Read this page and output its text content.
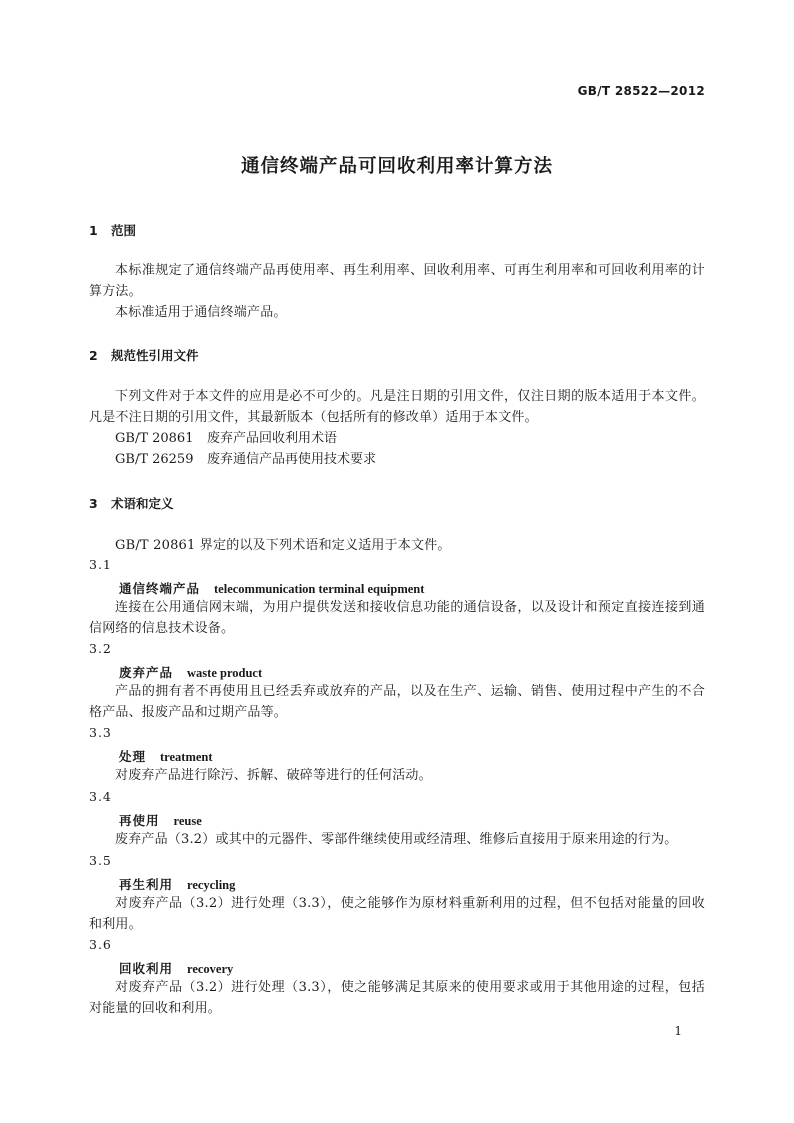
GB/T 28522—2012
通信终端产品可回收利用率计算方法
1 范围
本标准规定了通信终端产品再使用率、再生利用率、回收利用率、可再生利用率和可回收利用率的计算方法。
本标准适用于通信终端产品。
2 规范性引用文件
下列文件对于本文件的应用是必不可少的。凡是注日期的引用文件，仅注日期的版本适用于本文件。凡是不注日期的引用文件，其最新版本（包括所有的修改单）适用于本文件。
GB/T 20861 废弃产品回收利用术语
GB/T 26259 废弃通信产品再使用技术要求
3 术语和定义
GB/T 20861 界定的以及下列术语和定义适用于本文件。
3.1
通信终端产品 telecommunication terminal equipment
连接在公用通信网末端，为用户提供发送和接收信息功能的通信设备，以及设计和预定直接连接到通信网络的信息技术设备。
3.2
废弃产品 waste product
产品的拥有者不再使用且已经丢弃或放弃的产品，以及在生产、运输、销售、使用过程中产生的不合格产品、报废产品和过期产品等。
3.3
处理 treatment
对废弃产品进行除污、拆解、破碎等进行的任何活动。
3.4
再使用 reuse
废弃产品（3.2）或其中的元器件、零部件继续使用或经清理、维修后直接用于原来用途的行为。
3.5
再生利用 recycling
对废弃产品（3.2）进行处理（3.3），使之能够作为原材料重新利用的过程，但不包括对能量的回收和利用。
3.6
回收利用 recovery
对废弃产品（3.2）进行处理（3.3），使之能够满足其原来的使用要求或用于其他用途的过程，包括对能量的回收和利用。
1
